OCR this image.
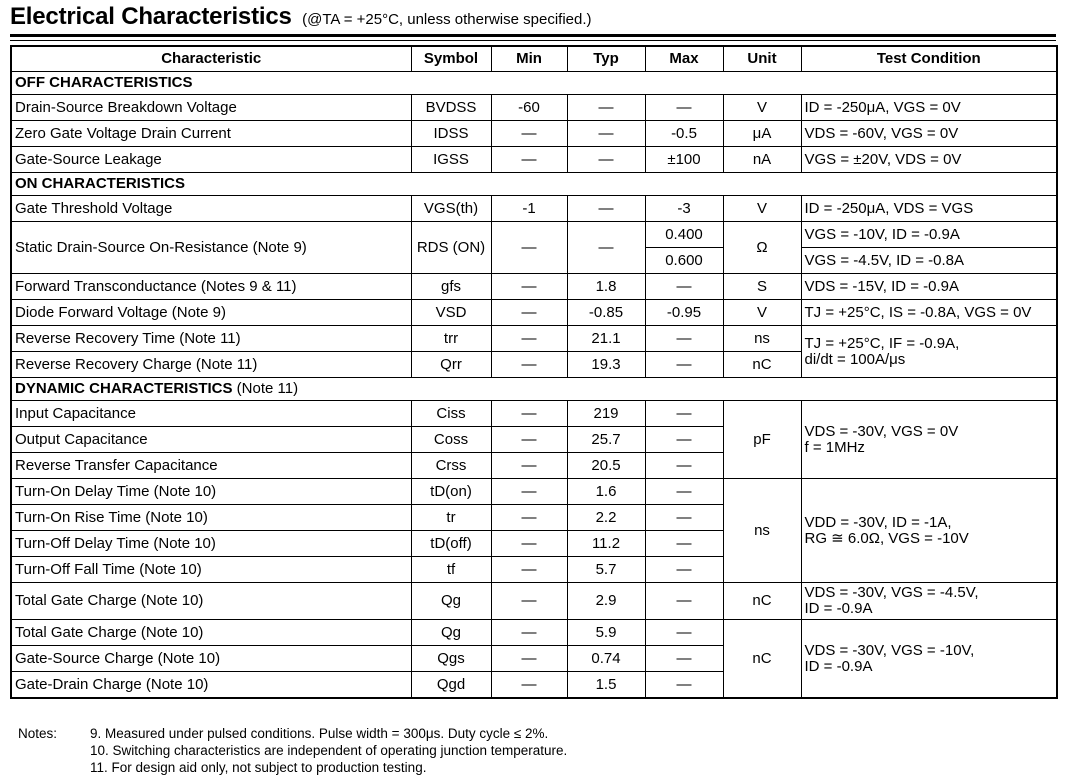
Electrical Characteristics (@TA = +25°C, unless otherwise specified.)
Characteristic	Symbol	Min	Typ	Max	Unit	Test Condition
OFF CHARACTERISTICS						
Drain-Source Breakdown Voltage	BVDSS	-60	—	—	V	ID = -250μA, VGS = 0V
Zero Gate Voltage Drain Current	IDSS	—	—	-0.5	μA	VDS = -60V, VGS = 0V
Gate-Source Leakage	IGSS	—	—	±100	nA	VGS = ±20V, VDS = 0V
ON CHARACTERISTICS						
Gate Threshold Voltage	VGS(th)	-1	—	-3	V	ID = -250μA, VDS = VGS
Static Drain-Source On-Resistance (Note 9)	RDS (ON)	—	—	0.400	Ω	VGS = -10V, ID = -0.9A
				0.600		VGS = -4.5V, ID = -0.8A
Forward Transconductance (Notes 9 & 11)	gfs	—	1.8	—	S	VDS = -15V, ID = -0.9A
Diode Forward Voltage (Note 9)	VSD	—	-0.85	-0.95	V	TJ = +25°C, IS = -0.8A, VGS = 0V
Reverse Recovery Time (Note 11)	trr	—	21.1	—	ns	TJ = +25°C, IF = -0.9A,
di/dt = 100A/μs

Reverse Recovery Charge (Note 11)	Qrr	—	19.3	—	nC	
DYNAMIC CHARACTERISTICS (Note 11)						
Input Capacitance	Ciss	—	219	—	pF	VDS = -30V, VGS = 0V
f = 1MHz

Output Capacitance	Coss	—	25.7	—		
Reverse Transfer Capacitance	Crss	—	20.5	—		
Turn-On Delay Time (Note 10)	tD(on)	—	1.6	—	ns	VDD = -30V, ID = -1A,
RG ≅ 6.0Ω, VGS = -10V

Turn-On Rise Time (Note 10)	tr	—	2.2	—		
Turn-Off Delay Time (Note 10)	tD(off)	—	11.2	—		
Turn-Off Fall Time (Note 10)	tf	—	5.7	—		
Total Gate Charge (Note 10)	Qg	—	2.9	—	nC	VDS = -30V, VGS = -4.5V,
ID = -0.9A

Total Gate Charge (Note 10)	Qg	—	5.9	—	nC	VDS = -30V, VGS = -10V,
ID = -0.9A

Gate-Source Charge (Note 10)	Qgs	—	0.74	—		
Gate-Drain Charge (Note 10)	Qgd	—	1.5	—		
Notes:	9. Measured under pulsed conditions. Pulse width = 300μs. Duty cycle ≤ 2%.
10. Switching characteristics are independent of operating junction temperature.
11. For design aid only, not subject to production testing.
